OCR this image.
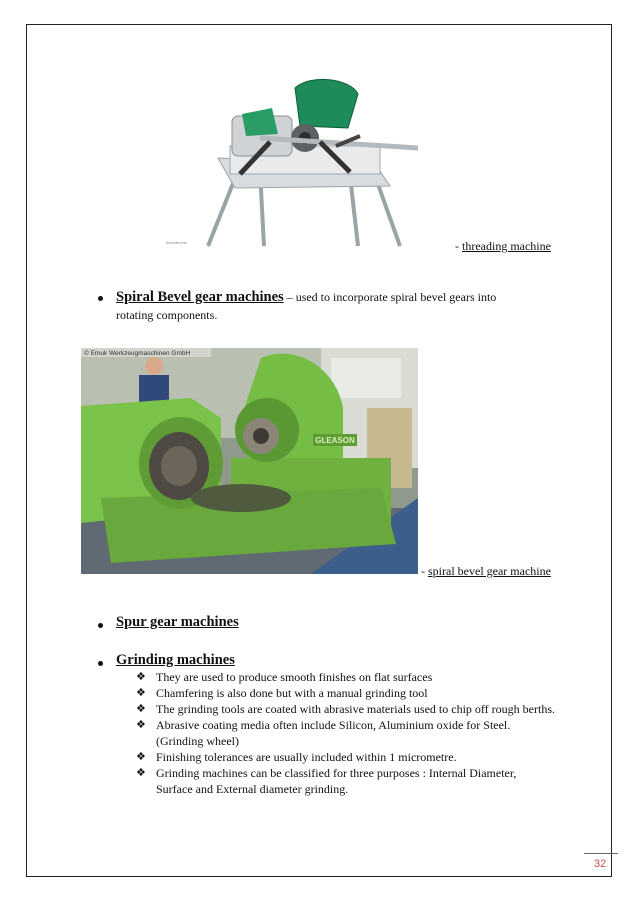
thedobuchs	- threading machine
Spiral Bevel gear machines – used to incorporate spiral bevel gears into
rotating components.
GLEASON
© Emuk Werkzeugmaschinen GmbH
- spiral bevel gear machine
Spur gear machines
Grinding machines

❖ They are used to produce smooth finishes on flat surfaces

❖ Chamfering is also done but with a manual grinding tool

❖ The grinding tools are coated with abrasive materials used to chip off rough berths.

❖ Abrasive coating media often include Silicon, Aluminium oxide for Steel. (Grinding wheel)

❖ Finishing tolerances are usually included within 1 micrometre.

❖ Grinding machines can be classified for three purposes : Internal Diameter, Surface and External diameter grinding.

32
